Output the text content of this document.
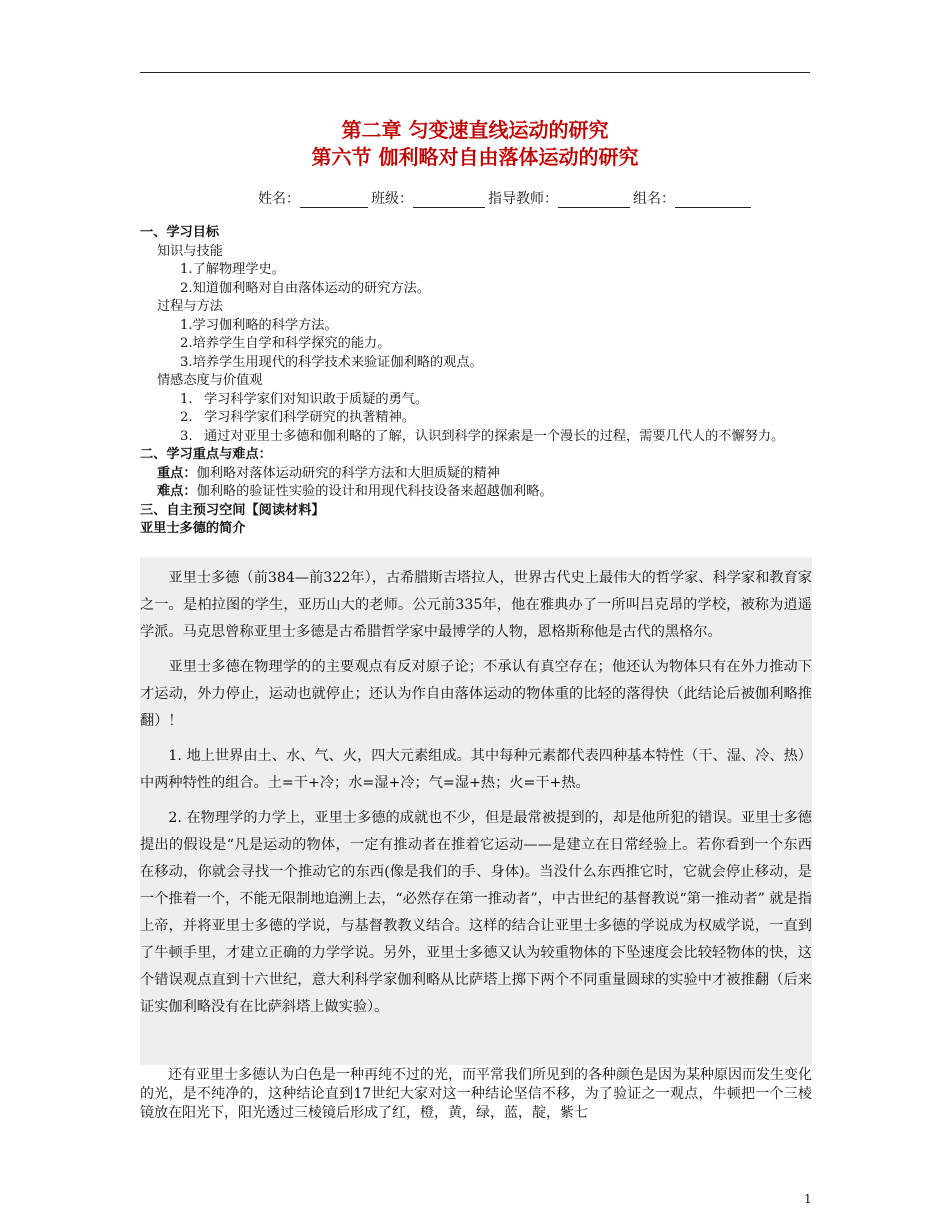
第二章 匀变速直线运动的研究
第六节 伽利略对自由落体运动的研究
姓名：	班级：	指导教师：	组名：
一、学习目标
知识与技能
1.了解物理学史。
2.知道伽利略对自由落体运动的研究方法。
过程与方法
1.学习伽利略的科学方法。
2.培养学生自学和科学探究的能力。
3.培养学生用现代的科学技术来验证伽利略的观点。
情感态度与价值观
1. 学习科学家们对知识敢于质疑的勇气。
2. 学习科学家们科学研究的执著精神。
3. 通过对亚里士多德和伽利略的了解，认识到科学的探索是一个漫长的过程，需要几代人的不懈努力。
二、学习重点与难点：
重点：伽利略对落体运动研究的科学方法和大胆质疑的精神
难点：伽利略的验证性实验的设计和用现代科技设备来超越伽利略。
三、自主预习空间【阅读材料】
亚里士多德的简介

亚里士多德（前384—前322年），古希腊斯吉塔拉人，世界古代史上最伟大的哲学家、科学家和教育家之一。是柏拉图的学生，亚历山大的老师。公元前335年，他在雅典办了一所叫吕克昂的学校，被称为逍遥学派。马克思曾称亚里士多德是古希腊哲学家中最博学的人物，恩格斯称他是古代的黑格尔。

亚里士多德在物理学的的主要观点有反对原子论；不承认有真空存在；他还认为物体只有在外力推动下才运动，外力停止，运动也就停止；还认为作自由落体运动的物体重的比轻的落得快（此结论后被伽利略推翻）！

1. 地上世界由土、水、气、火，四大元素组成。其中每种元素都代表四种基本特性（干、湿、冷、热）中两种特性的组合。土=干+冷；水=湿+冷；气=湿+热；火=干+热。

2. 在物理学的力学上，亚里士多德的成就也不少，但是最常被提到的，却是他所犯的错误。亚里士多德提出的假设是“凡是运动的物体，一定有推动者在推着它运动——是建立在日常经验上。若你看到一个东西在移动，你就会寻找一个推动它的东西(像是我们的手、身体)。当没什么东西推它时，它就会停止移动，是一个推着一个，不能无限制地追溯上去，“必然存在第一推动者”，中古世纪的基督教说“第一推动者” 就是指上帝，并将亚里士多德的学说，与基督教教义结合。这样的结合让亚里士多德的学说成为权威学说，一直到了牛顿手里，才建立正确的力学学说。另外，亚里士多德又认为较重物体的下坠速度会比较轻物体的快，这个错误观点直到十六世纪，意大利科学家伽利略从比萨塔上掷下两个不同重量圆球的实验中才被推翻（后来证实伽利略没有在比萨斜塔上做实验）。

还有亚里士多德认为白色是一种再纯不过的光，而平常我们所见到的各种颜色是因为某种原因而发生变化的光，是不纯净的，这种结论直到17世纪大家对这一种结论坚信不移，为了验证之一观点，牛顿把一个三棱镜放在阳光下，阳光透过三棱镜后形成了红，橙，黄，绿，蓝，靛，紫七

1
